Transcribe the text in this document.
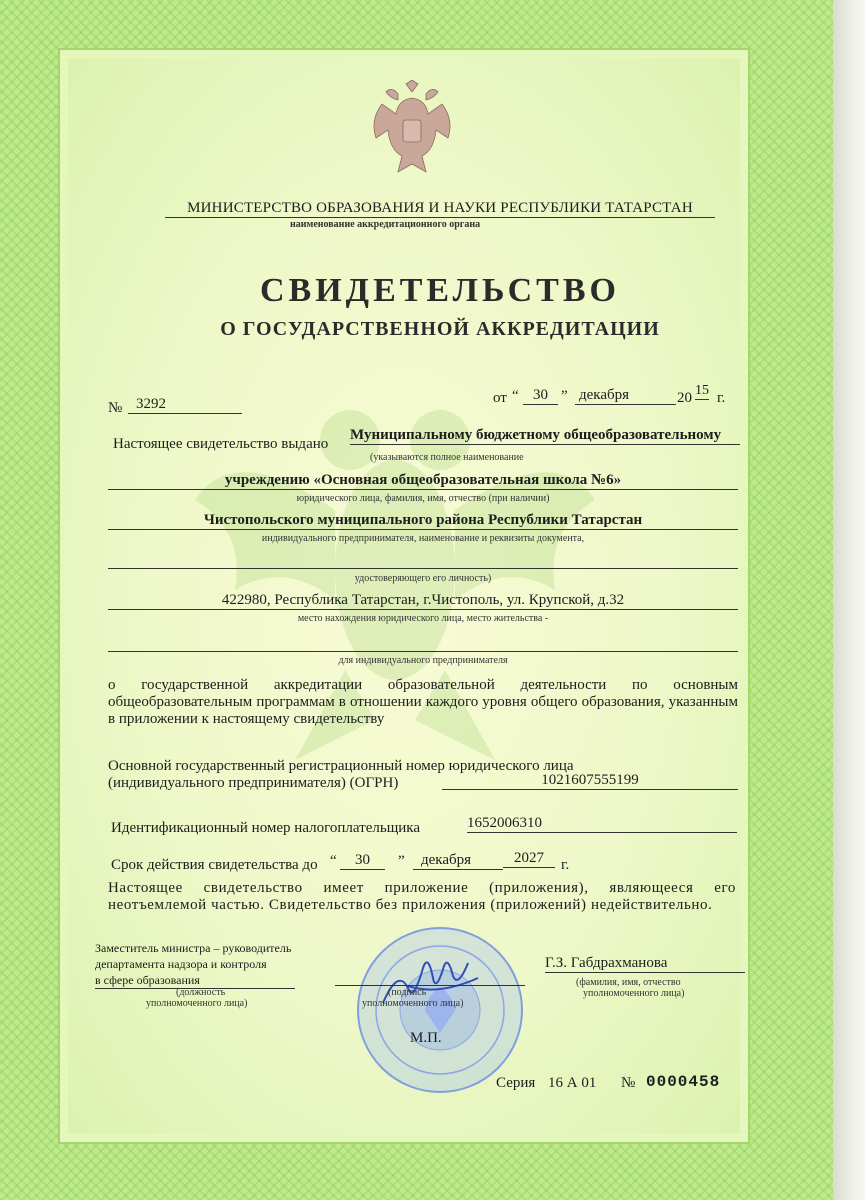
МИНИСТЕРСТВО ОБРАЗОВАНИЯ И НАУКИ РЕСПУБЛИКИ ТАТАРСТАН
наименование аккредитационного органа
СВИДЕТЕЛЬСТВО
О ГОСУДАРСТВЕННОЙ АККРЕДИТАЦИИ
№ 3292	от “ 30 ” декабря	20 15 г.
Настоящее свидетельство выдано
Муниципальному бюджетному общеобразовательному
(указываются полное наименование
учреждению «Основная общеобразовательная школа №6»
юридического лица, фамилия, имя, отчество (при наличии)
Чистопольского муниципального района Республики Татарстан
индивидуального предпринимателя, наименование и реквизиты документа,
удостоверяющего его личность)
422980, Республика Татарстан, г.Чистополь, ул. Крупской, д.32
место нахождения юридического лица, место жительства -
для индивидуального предпринимателя
о государственной аккредитации образовательной деятельности по основным общеобразовательным программам в отношении каждого уровня общего образования, указанным в приложении к настоящему свидетельству
Основной государственный регистрационный номер юридического лица
(индивидуального предпринимателя) (ОГРН)	1021607555199
Идентификационный номер налогоплательщика	1652006310
Срок действия свидетельства до “	30	”	декабря	2027	г.
Настоящее свидетельство имеет приложение (приложения), являющееся его неотъемлемой частью. Свидетельство без приложения (приложений) недействительно.
Заместитель министра – руководитель
департамента надзора и контроля
в сфере образования
(должность
уполномоченного лица)
(подпись
уполномоченного лица)
Г.З. Габдрахманова
(фамилия, имя, отчество
уполномоченного лица)
М.П.
Серия 16 А 01 № 0000458
